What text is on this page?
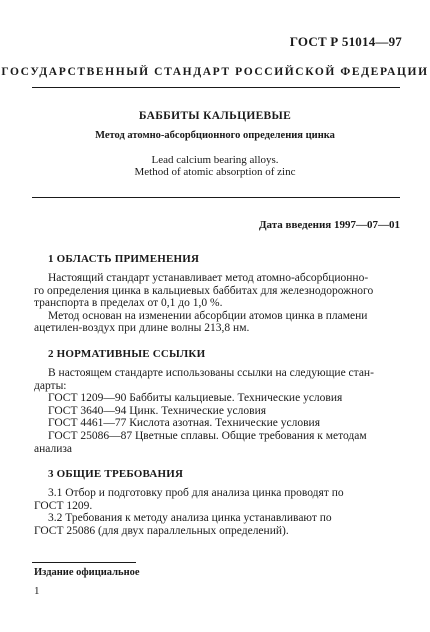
ГОСТ Р 51014—97
ГОСУДАРСТВЕННЫЙ СТАНДАРТ РОССИЙСКОЙ ФЕДЕРАЦИИ
БАББИТЫ КАЛЬЦИЕВЫЕ
Метод атомно-абсорбционного определения цинка
Lead calcium bearing alloys.
Method of atomic absorption of zinc
Дата введения 1997—07—01
1 ОБЛАСТЬ ПРИМЕНЕНИЯ
Настоящий стандарт устанавливает метод атомно-абсорбционно-
го определения цинка в кальциевых баббитах для железнодорожного
транспорта в пределах от 0,1 до 1,0 %.
Метод основан на изменении абсорбции атомов цинка в пламени
ацетилен-воздух при длине волны 213,8 нм.
2 НОРМАТИВНЫЕ ССЫЛКИ
В настоящем стандарте использованы ссылки на следующие стан-
дарты:
ГОСТ 1209—90 Баббиты кальциевые. Технические условия
ГОСТ 3640—94 Цинк. Технические условия
ГОСТ 4461—77 Кислота азотная. Технические условия
ГОСТ 25086—87 Цветные сплавы. Общие требования к методам
анализа
3 ОБЩИЕ ТРЕБОВАНИЯ
3.1 Отбор и подготовку проб для анализа цинка проводят по
ГОСТ 1209.
3.2 Требования к методу анализа цинка устанавливают по
ГОСТ 25086 (для двух параллельных определений).
Издание официальное
1
